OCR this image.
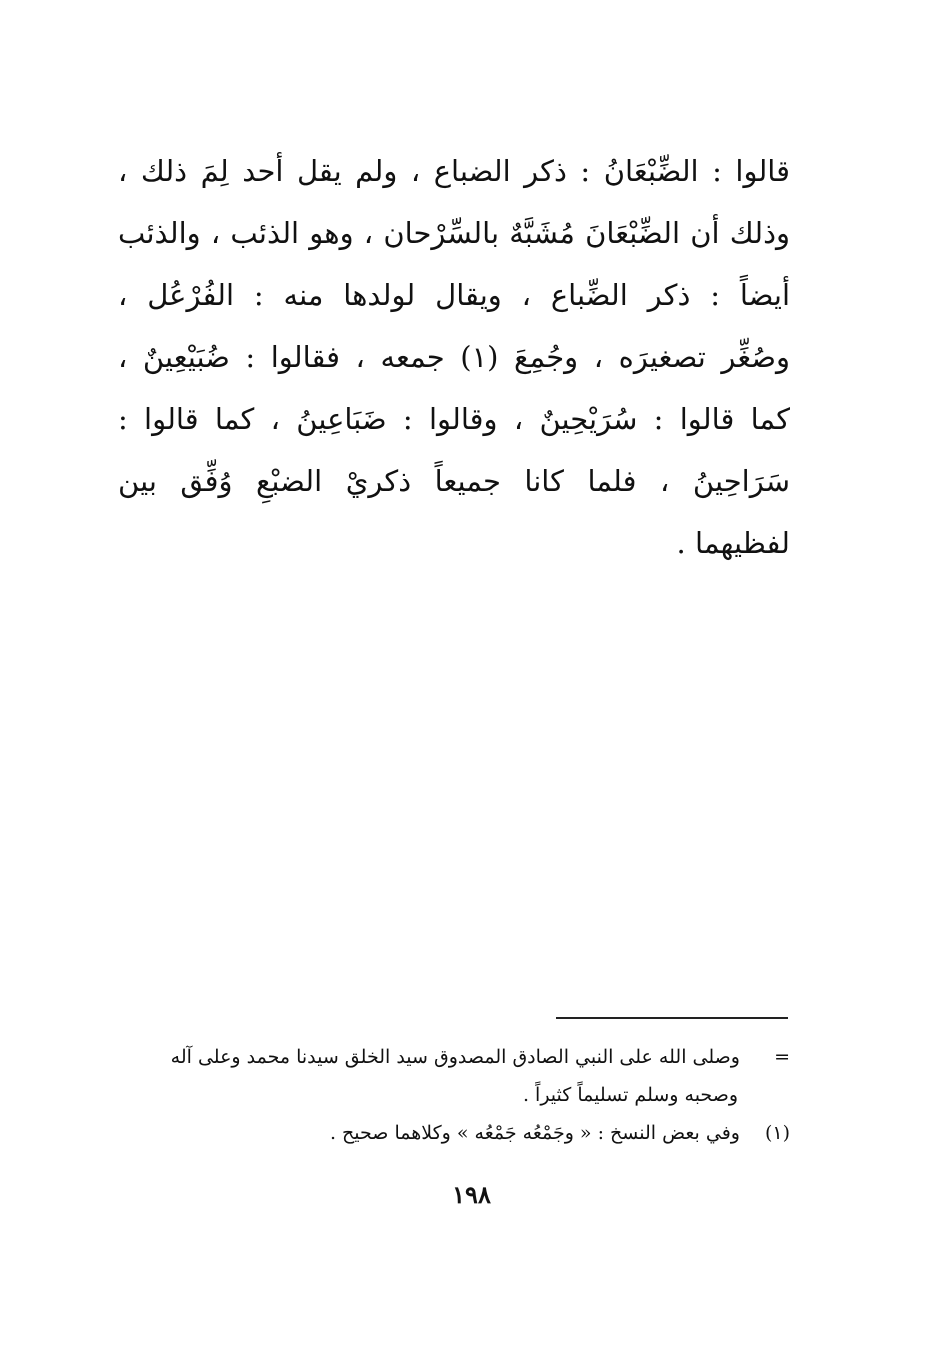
قالوا : الضِّبْعَانُ : ذكر الضباع ، ولم يقل أحد لِمَ ذلك ،
وذلك أن الضِّبْعَانَ مُشَبَّهٌ بالسِّرْحان ، وهو الذئب ، والذئب
أيضاً : ذكر الضِّباع ، ويقال لولدها منه : الفُرْعُل ،
وصُغِّر تصغيرَه ، وجُمِعَ (١) جمعه ، فقالوا : ضُبَيْعِينٌ ،
كما قالوا : سُرَيْحِينٌ ، وقالوا : ضَبَاعِينُ ، كما قالوا :
سَرَاحِينُ ، فلما كانا جميعاً ذكريْ الضبْعِ وُفِّق بين
لفظيهما .
= وصلى الله على النبي الصادق المصدوق سيد الخلق سيدنا محمد وعلى آله
وصحبه وسلم تسليماً كثيراً .
(١) وفي بعض النسخ : « وجَمْعُه جَمْعُه » وكلاهما صحيح .
١٩٨
